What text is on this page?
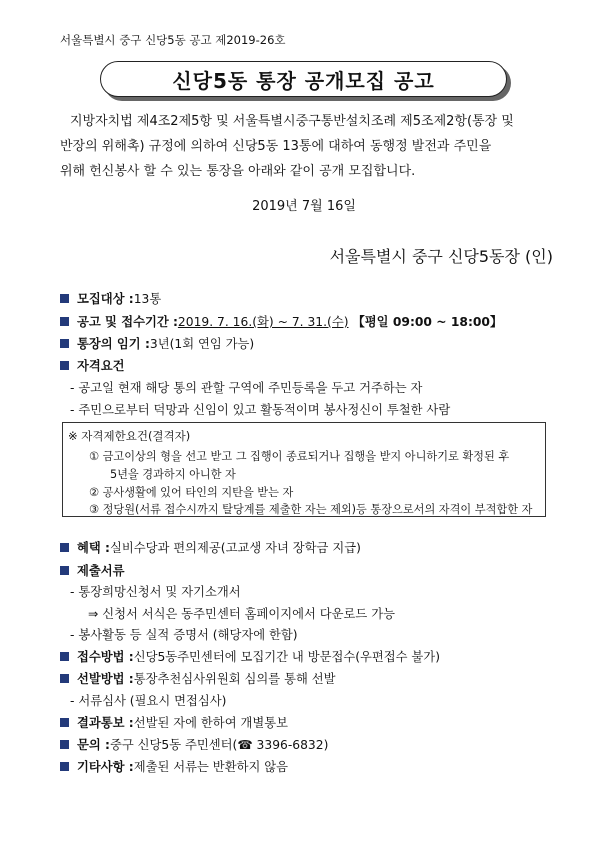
서울특별시 중구 신당5동 공고 제2019-26호
신당5동 통장 공개모집 공고
지방자치법 제4조2제5항 및 서울특별시중구통반설치조례 제5조제2항(통장 및
반장의 위해촉) 규정에 의하여 신당5동 13통에 대하여 동행정 발전과 주민을
위해 헌신봉사 할 수 있는 통장을 아래와 같이 공개 모집합니다.
2019년 7월 16일
서울특별시 중구 신당5동장 (인)
모집대상 : 13통
공고 및 접수기간 : 2019. 7. 16.(화) ~ 7. 31.(수) 【평일 09:00 ~ 18:00】
통장의 임기 : 3년(1회 연임 가능)
자격요건
- 공고일 현재 해당 통의 관할 구역에 주민등록을 두고 거주하는 자
- 주민으로부터 덕망과 신임이 있고 활동적이며 봉사정신이 투철한 사람
※ 자격제한요건(결격자)
① 금고이상의 형을 선고 받고 그 집행이 종료되거나 집행을 받지 아니하기로 확정된 후
5년을 경과하지 아니한 자
② 공사생활에 있어 타인의 지탄을 받는 자
③ 정당원(서류 접수시까지 탈당계를 제출한 자는 제외)등 통장으로서의 자격이 부적합한 자
혜택 : 실비수당과 편의제공(고교생 자녀 장학금 지급)
제출서류
- 통장희망신청서 및 자기소개서
⇒ 신청서 서식은 동주민센터 홈페이지에서 다운로드 가능
- 봉사활동 등 실적 증명서 (해당자에 한함)
접수방법 : 신당5동주민센터에 모집기간 내 방문접수(우편접수 불가)
선발방법 : 통장추천심사위원회 심의를 통해 선발
- 서류심사 (필요시 면접심사)
결과통보 : 선발된 자에 한하여 개별통보
문의 : 중구 신당5동 주민센터(☎ 3396-6832)
기타사항 : 제출된 서류는 반환하지 않음
